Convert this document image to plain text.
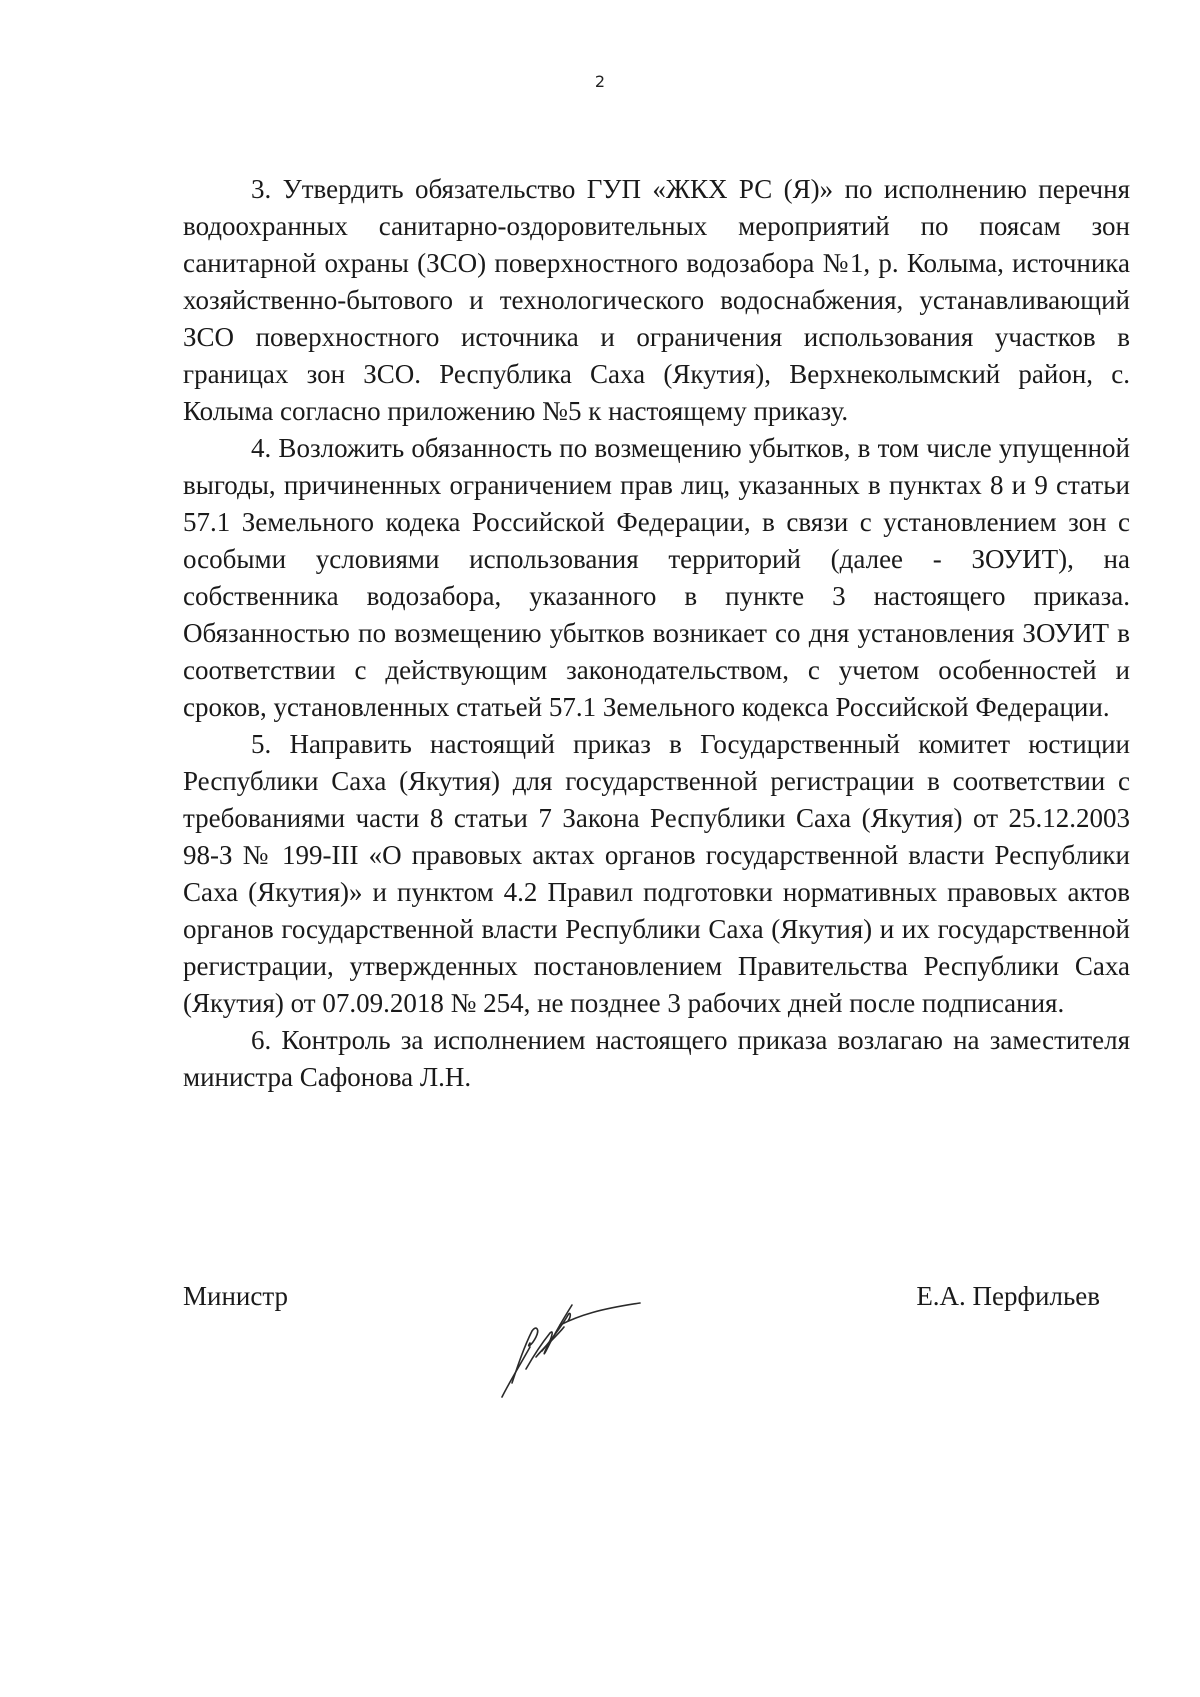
2

3. Утвердить обязательство ГУП «ЖКХ РС (Я)» по исполнению перечня водоохранных санитарно-оздоровительных мероприятий по поясам зон санитарной охраны (ЗСО) поверхностного водозабора №1, р. Колыма, источника хозяйственно-бытового и технологического водоснабжения, устанавливающий ЗСО поверхностного источника и ограничения использования участков в границах зон ЗСО. Республика Саха (Якутия), Верхнеколымский район, с. Колыма согласно приложению №5 к настоящему приказу.

4. Возложить обязанность по возмещению убытков, в том числе упущенной выгоды, причиненных ограничением прав лиц, указанных в пунктах 8 и 9 статьи 57.1 Земельного кодека Российской Федерации, в связи с установлением зон с особыми условиями использования территорий (далее - ЗОУИТ), на собственника водозабора, указанного в пункте 3 настоящего приказа. Обязанностью по возмещению убытков возникает со дня установления ЗОУИТ в соответствии с действующим законодательством, с учетом особенностей и сроков, установленных статьей 57.1 Земельного кодекса Российской Федерации.

5. Направить настоящий приказ в Государственный комитет юстиции Республики Саха (Якутия) для государственной регистрации в соответствии с требованиями части 8 статьи 7 Закона Республики Саха (Якутия) от 25.12.2003 98-З № 199-III «О правовых актах органов государственной власти Республики Саха (Якутия)» и пунктом 4.2 Правил подготовки нормативных правовых актов органов государственной власти Республики Саха (Якутия) и их государственной регистрации, утвержденных постановлением Правительства Республики Саха (Якутия) от 07.09.2018 № 254, не позднее 3 рабочих дней после подписания.

6. Контроль за исполнением настоящего приказа возлагаю на заместителя министра Сафонова Л.Н.

Министр	Е.А. Перфильев
